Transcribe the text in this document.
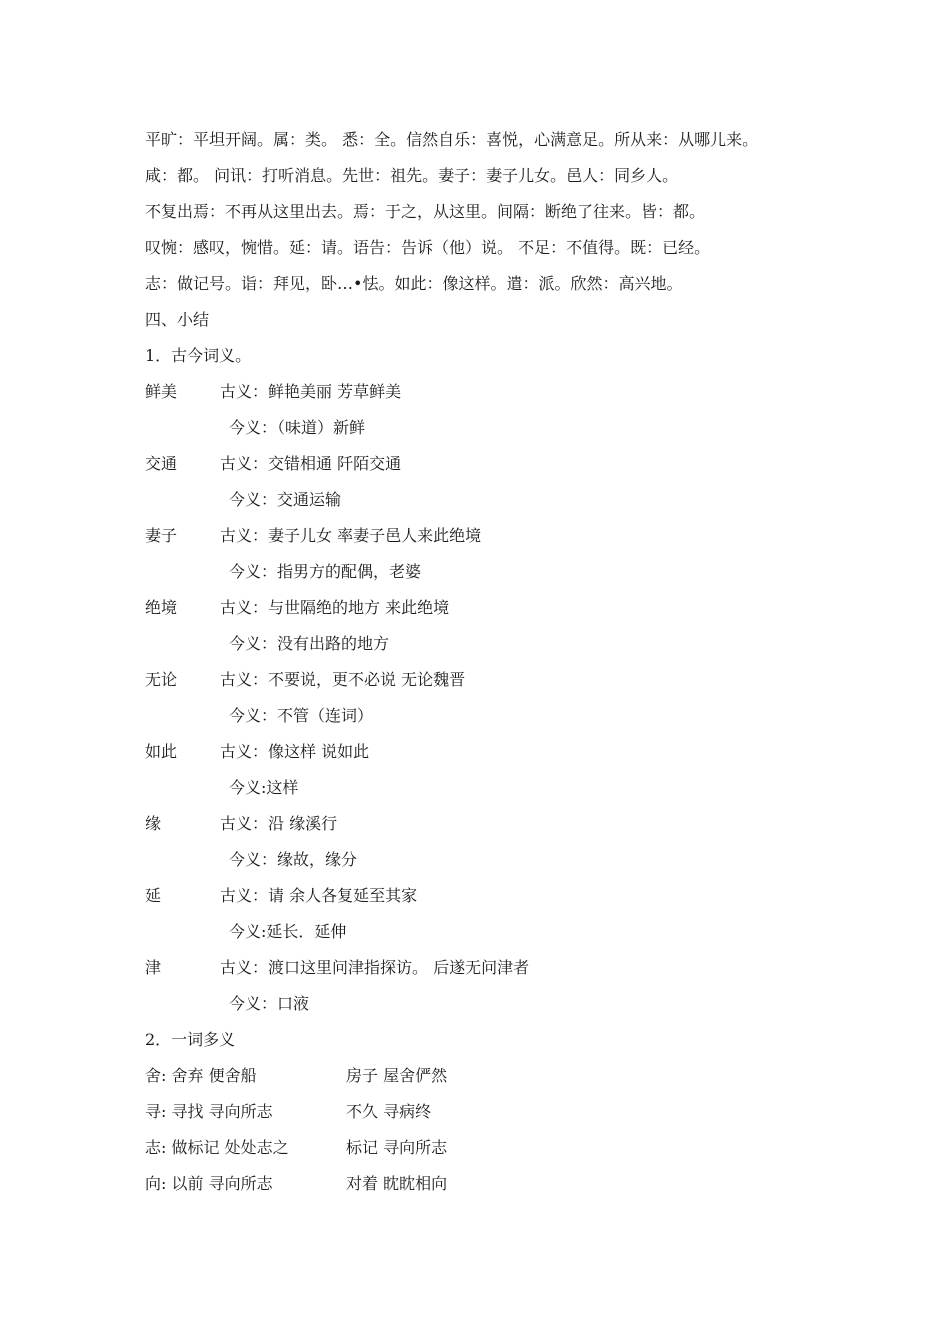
平旷：平坦开阔。属：类。 悉：全。信然自乐：喜悦，心满意足。所从来：从哪儿来。
咸：都。 问讯：打听消息。先世：祖先。妻子：妻子儿女。邑人：同乡人。
不复出焉：不再从这里出去。焉：于之，从这里。间隔：断绝了往来。皆：都。
叹惋：感叹，惋惜。延：请。语告：告诉（他）说。 不足：不值得。既：已经。
志：做记号。诣：拜见，卧…•怯。如此：像这样。遣：派。欣然：高兴地。
四、小结
1．古今词义。
鲜美	古义：鲜艳美丽 芳草鲜美
今义：（味道）新鲜
交通	古义：交错相通 阡陌交通
今义：交通运输
妻子	古义：妻子儿女 率妻子邑人来此绝境
今义：指男方的配偶，老婆
绝境	古义：与世隔绝的地方 来此绝境
今义：没有出路的地方
无论	古义：不要说，更不必说 无论魏晋
今义：不管（连词）
如此	古义：像这样 说如此
今义:这样
缘	古义：沿 缘溪行
今义：缘故，缘分
延	古义：请 余人各复延至其家
今义:延长．延伸
津	古义：渡口这里问津指探访。 后遂无问津者
今义：口液
2．一词多义
舍: 舍弃 便舍船	房子 屋舍俨然
寻: 寻找 寻向所志	不久 寻病终
志: 做标记 处处志之	标记 寻向所志
向: 以前 寻向所志	对着 眈眈相向
